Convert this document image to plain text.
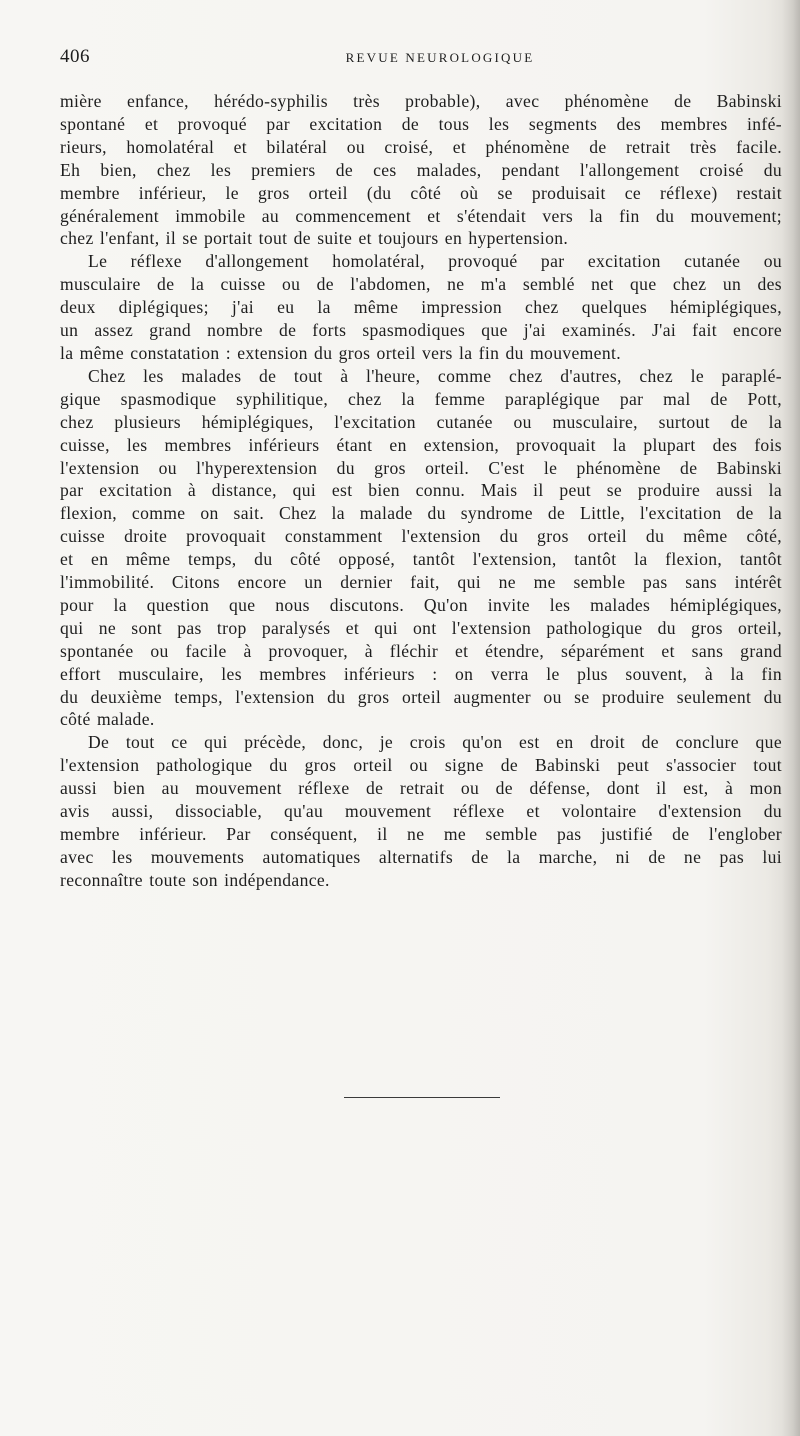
406	REVUE NEUROLOGIQUE
mière enfance, hérédo-syphilis très probable), avec phénomène de Babinski
spontané et provoqué par excitation de tous les segments des membres infé-
rieurs, homolatéral et bilatéral ou croisé, et phénomène de retrait très facile.
Eh bien, chez les premiers de ces malades, pendant l'allongement croisé du
membre inférieur, le gros orteil (du côté où se produisait ce réflexe) restait
généralement immobile au commencement et s'étendait vers la fin du mouvement;
chez l'enfant, il se portait tout de suite et toujours en hypertension.
Le réflexe d'allongement homolatéral, provoqué par excitation cutanée ou
musculaire de la cuisse ou de l'abdomen, ne m'a semblé net que chez un des
deux diplégiques; j'ai eu la même impression chez quelques hémiplégiques,
un assez grand nombre de forts spasmodiques que j'ai examinés. J'ai fait encore
la même constatation : extension du gros orteil vers la fin du mouvement.
Chez les malades de tout à l'heure, comme chez d'autres, chez le paraplé-
gique spasmodique syphilitique, chez la femme paraplégique par mal de Pott,
chez plusieurs hémiplégiques, l'excitation cutanée ou musculaire, surtout de la
cuisse, les membres inférieurs étant en extension, provoquait la plupart des fois
l'extension ou l'hyperextension du gros orteil. C'est le phénomène de Babinski
par excitation à distance, qui est bien connu. Mais il peut se produire aussi la
flexion, comme on sait. Chez la malade du syndrome de Little, l'excitation de la
cuisse droite provoquait constamment l'extension du gros orteil du même côté,
et en même temps, du côté opposé, tantôt l'extension, tantôt la flexion, tantôt
l'immobilité. Citons encore un dernier fait, qui ne me semble pas sans intérêt
pour la question que nous discutons. Qu'on invite les malades hémiplégiques,
qui ne sont pas trop paralysés et qui ont l'extension pathologique du gros orteil,
spontanée ou facile à provoquer, à fléchir et étendre, séparément et sans grand
effort musculaire, les membres inférieurs : on verra le plus souvent, à la fin
du deuxième temps, l'extension du gros orteil augmenter ou se produire seulement du
côté malade.
De tout ce qui précède, donc, je crois qu'on est en droit de conclure que
l'extension pathologique du gros orteil ou signe de Babinski peut s'associer tout
aussi bien au mouvement réflexe de retrait ou de défense, dont il est, à mon
avis aussi, dissociable, qu'au mouvement réflexe et volontaire d'extension du
membre inférieur. Par conséquent, il ne me semble pas justifié de l'englober
avec les mouvements automatiques alternatifs de la marche, ni de ne pas lui
reconnaître toute son indépendance.
